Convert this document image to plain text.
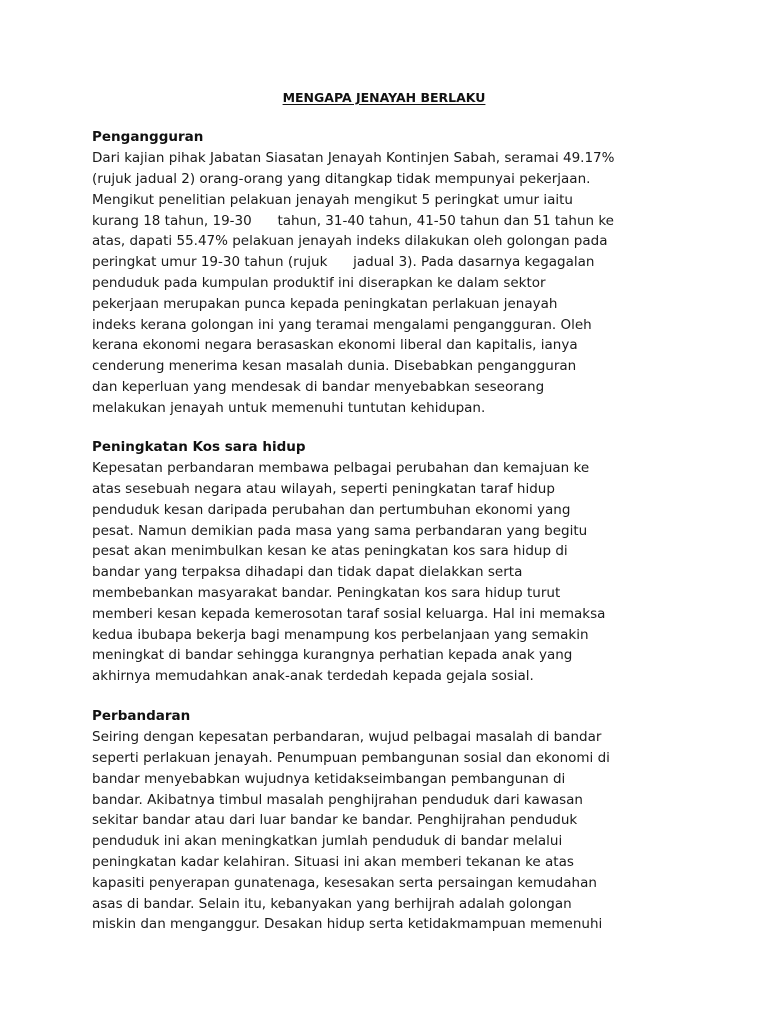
MENGAPA JENAYAH BERLAKU
Pengangguran

Dari kajian pihak Jabatan Siasatan Jenayah Kontinjen Sabah, seramai 49.17%
(rujuk jadual 2) orang-orang yang ditangkap tidak mempunyai pekerjaan.
Mengikut penelitian pelakuan jenayah mengikut 5 peringkat umur iaitu
kurang 18 tahun, 19-30      tahun, 31-40 tahun, 41-50 tahun dan 51 tahun ke
atas, dapati 55.47% pelakuan jenayah indeks dilakukan oleh golongan pada
peringkat umur 19-30 tahun (rujuk      jadual 3). Pada dasarnya kegagalan
penduduk pada kumpulan produktif ini diserapkan ke dalam sektor
pekerjaan merupakan punca kepada peningkatan perlakuan jenayah
indeks kerana golongan ini yang teramai mengalami pengangguran. Oleh
kerana ekonomi negara berasaskan ekonomi liberal dan kapitalis, ianya
cenderung menerima kesan masalah dunia. Disebabkan pengangguran
dan keperluan yang mendesak di bandar menyebabkan seseorang
melakukan jenayah untuk memenuhi tuntutan kehidupan.

Peningkatan Kos sara hidup

Kepesatan perbandaran membawa pelbagai perubahan dan kemajuan ke
atas sesebuah negara atau wilayah, seperti peningkatan taraf hidup
penduduk kesan daripada perubahan dan pertumbuhan ekonomi yang
pesat. Namun demikian pada masa yang sama perbandaran yang begitu
pesat akan menimbulkan kesan ke atas peningkatan kos sara hidup di
bandar yang terpaksa dihadapi dan tidak dapat dielakkan serta
membebankan masyarakat bandar. Peningkatan kos sara hidup turut
memberi kesan kepada kemerosotan taraf sosial keluarga. Hal ini memaksa
kedua ibubapa bekerja bagi menampung kos perbelanjaan yang semakin
meningkat di bandar sehingga kurangnya perhatian kepada anak yang
akhirnya memudahkan anak-anak terdedah kepada gejala sosial.

Perbandaran

Seiring dengan kepesatan perbandaran, wujud pelbagai masalah di bandar
seperti perlakuan jenayah. Penumpuan pembangunan sosial dan ekonomi di
bandar menyebabkan wujudnya ketidakseimbangan pembangunan di
bandar. Akibatnya timbul masalah penghijrahan penduduk dari kawasan
sekitar bandar atau dari luar bandar ke bandar. Penghijrahan penduduk
penduduk ini akan meningkatkan jumlah penduduk di bandar melalui
peningkatan kadar kelahiran. Situasi ini akan memberi tekanan ke atas
kapasiti penyerapan gunatenaga, kesesakan serta persaingan kemudahan
asas di bandar. Selain itu, kebanyakan yang berhijrah adalah golongan
miskin dan menganggur. Desakan hidup serta ketidakmampuan memenuhi
